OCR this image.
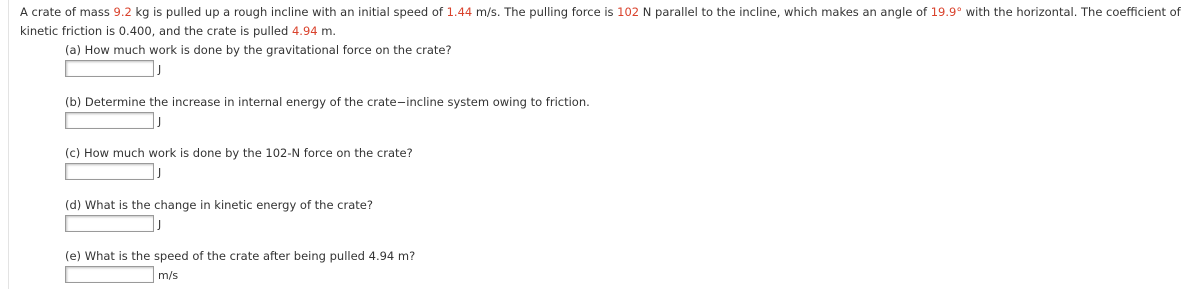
A crate of mass 9.2 kg is pulled up a rough incline with an initial speed of 1.44 m/s. The pulling force is 102 N parallel to the incline, which makes an angle of 19.9° with the horizontal. The coefficient of kinetic friction is 0.400, and the crate is pulled 4.94 m.
(a) How much work is done by the gravitational force on the crate?
J
(b) Determine the increase in internal energy of the crate−incline system owing to friction.
J
(c) How much work is done by the 102-N force on the crate?
J
(d) What is the change in kinetic energy of the crate?
J
(e) What is the speed of the crate after being pulled 4.94 m?
m/s
